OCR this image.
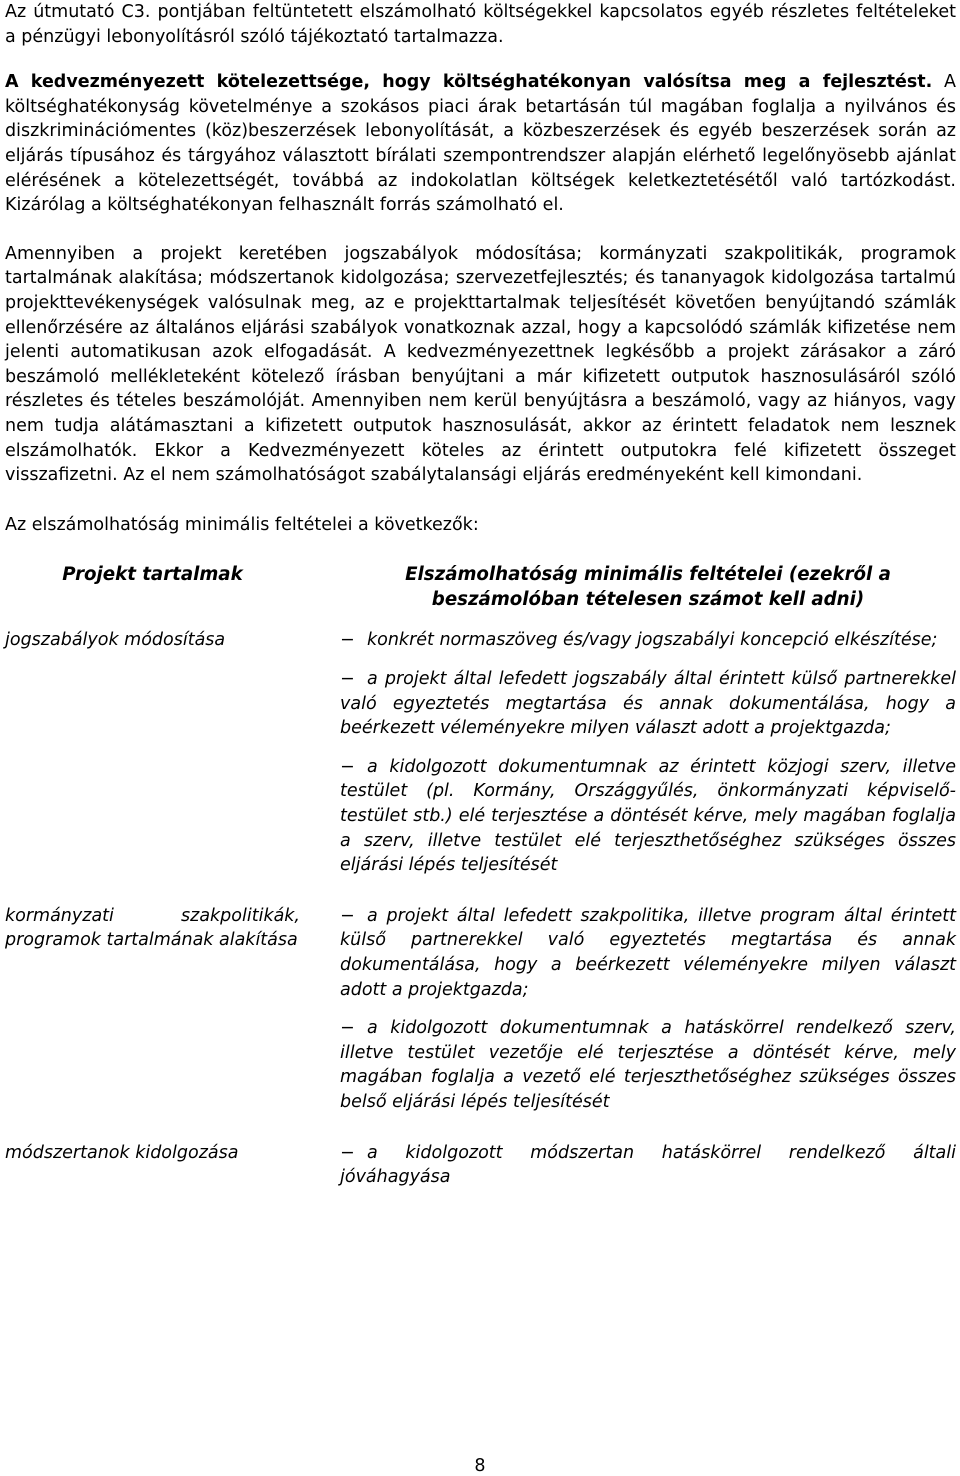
Az útmutató C3. pontjában feltüntetett elszámolható költségekkel kapcsolatos egyéb részletes feltételeket a pénzügyi lebonyolításról szóló tájékoztató tartalmazza.

A kedvezményezett kötelezettsége, hogy költséghatékonyan valósítsa meg a fejlesztést. A költséghatékonyság követelménye a szokásos piaci árak betartásán túl magában foglalja a nyilvános és diszkriminációmentes (köz)beszerzések lebonyolítását, a közbeszerzések és egyéb beszerzések során az eljárás típusához és tárgyához választott bírálati szempontrendszer alapján elérhető legelőnyösebb ajánlat elérésének a kötelezettségét, továbbá az indokolatlan költségek keletkeztetésétől való tartózkodást. Kizárólag a költséghatékonyan felhasznált forrás számolható el.

Amennyiben a projekt keretében jogszabályok módosítása; kormányzati szakpolitikák, programok tartalmának alakítása; módszertanok kidolgozása; szervezetfejlesztés; és tananyagok kidolgozása tartalmú projekttevékenységek valósulnak meg, az e projekttartalmak teljesítését követően benyújtandó számlák ellenőrzésére az általános eljárási szabályok vonatkoznak azzal, hogy a kapcsolódó számlák kifizetése nem jelenti automatikusan azok elfogadását. A kedvezményezettnek legkésőbb a projekt zárásakor a záró beszámoló mellékleteként kötelező írásban benyújtani a már kifizetett outputok hasznosulásáról szóló részletes és tételes beszámolóját. Amennyiben nem kerül benyújtásra a beszámoló, vagy az hiányos, vagy nem tudja alátámasztani a kifizetett outputok hasznosulását, akkor az érintett feladatok nem lesznek elszámolhatók. Ekkor a Kedvezményezett köteles az érintett outputokra felé kifizetett összeget visszafizetni. Az el nem számolhatóságot szabálytalansági eljárás eredményeként kell kimondani.

Az elszámolhatóság minimális feltételei a következők:

Projekt tartalmak	Elszámolhatóság minimális feltételei (ezekről a beszámolóban tételesen számot kell adni)
jogszabályok módosítása	− konkrét normaszöveg és/vagy jogszabályi koncepció elkészítése;

− a projekt által lefedett jogszabály által érintett külső partnerekkel való egyeztetés megtartása és annak dokumentálása, hogy a beérkezett véleményekre milyen választ adott a projektgazda;

− a kidolgozott dokumentumnak az érintett közjogi szerv, illetve testület (pl. Kormány, Országgyűlés, önkormányzati képviselő-testület stb.) elé terjesztése a döntését kérve, mely magában foglalja a szerv, illetve testület elé terjeszthetőséghez szükséges összes eljárási lépés teljesítését

kormányzati szakpolitikák, programok tartalmának alakítása	− a projekt által lefedett szakpolitika, illetve program által érintett külső partnerekkel való egyeztetés megtartása és annak dokumentálása, hogy a beérkezett véleményekre milyen választ adott a projektgazda;

− a kidolgozott dokumentumnak a hatáskörrel rendelkező szerv, illetve testület vezetője elé terjesztése a döntését kérve, mely magában foglalja a vezető elé terjeszthetőséghez szükséges összes belső eljárási lépés teljesítését

módszertanok kidolgozása	− a kidolgozott módszertan hatáskörrel rendelkező általi jóváhagyása

8
